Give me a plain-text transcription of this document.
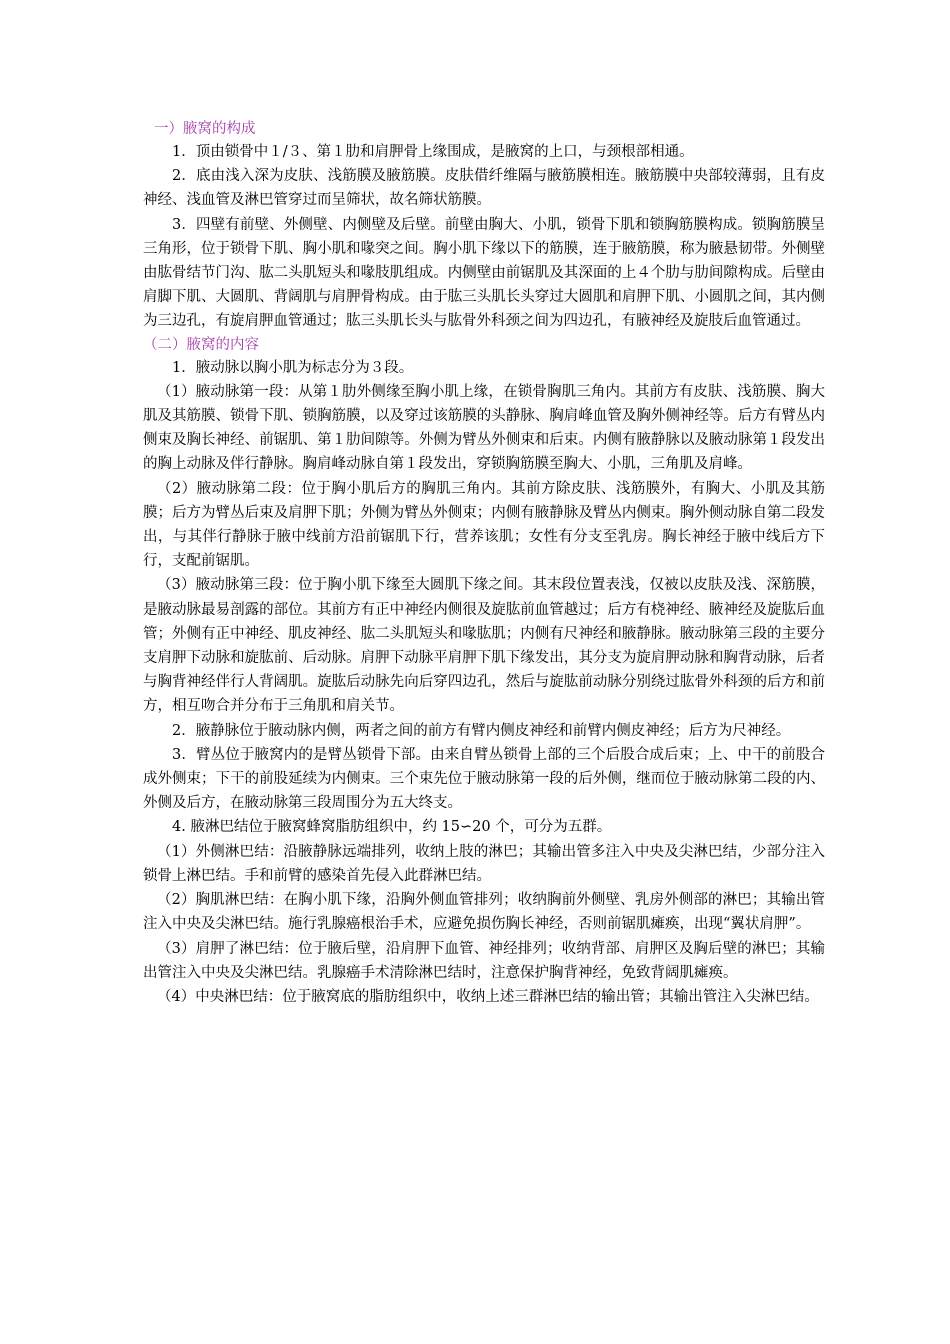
一）腋窝的构成

1．顶由锁骨中１/３、第１肋和肩胛骨上缘围成，是腋窝的上口，与颈根部相通。

2．底由浅入深为皮肤、浅筋膜及腋筋膜。皮肤借纤维隔与腋筋膜相连。腋筋膜中央部较薄弱，且有皮神经、浅血管及淋巴管穿过而呈筛状，故名筛状筋膜。

3．四壁有前壁、外侧壁、内侧壁及后壁。前壁由胸大、小肌，锁骨下肌和锁胸筋膜构成。锁胸筋膜呈三角形，位于锁骨下肌、胸小肌和喙突之间。胸小肌下缘以下的筋膜，连于腋筋膜，称为腋悬韧带。外侧壁由肱骨结节门沟、肱二头肌短头和喙肢肌组成。内侧壁由前锯肌及其深面的上４个肋与肋间隙构成。后壁由肩脚下肌、大圆肌、背阔肌与肩胛骨构成。由于肱三头肌长头穿过大圆肌和肩胛下肌、小圆肌之间，其内侧为三边孔，有旋肩胛血管通过；肱三头肌长头与肱骨外科颈之间为四边孔，有腋神经及旋肢后血管通过。

（二）腋窝的内容

1．腋动脉以胸小肌为标志分为３段。

（1）腋动脉第一段：从第１肋外侧缘至胸小肌上缘，在锁骨胸肌三角内。其前方有皮肤、浅筋膜、胸大肌及其筋膜、锁骨下肌、锁胸筋膜，以及穿过该筋膜的头静脉、胸肩峰血管及胸外侧神经等。后方有臂丛内侧束及胸长神经、前锯肌、第１肋间隙等。外侧为臂丛外侧束和后束。内侧有腋静脉以及腋动脉第１段发出的胸上动脉及伴行静脉。胸肩峰动脉自第１段发出，穿锁胸筋膜至胸大、小肌，三角肌及肩峰。

（2）腋动脉第二段：位于胸小肌后方的胸肌三角内。其前方除皮肤、浅筋膜外，有胸大、小肌及其筋膜；后方为臂丛后束及肩胛下肌；外侧为臂丛外侧束；内侧有腋静脉及臂丛内侧束。胸外侧动脉自第二段发出，与其伴行静脉于腋中线前方沿前锯肌下行，营养该肌；女性有分支至乳房。胸长神经于腋中线后方下行，支配前锯肌。

（3）腋动脉第三段：位于胸小肌下缘至大圆肌下缘之间。其末段位置表浅，仅被以皮肤及浅、深筋膜，是腋动脉最易剖露的部位。其前方有正中神经内侧很及旋肱前血管越过；后方有桡神经、腋神经及旋肱后血管；外侧有正中神经、肌皮神经、肱二头肌短头和喙肱肌；内侧有尺神经和腋静脉。腋动脉第三段的主要分支肩胛下动脉和旋肱前、后动脉。肩胛下动脉平肩胛下肌下缘发出，其分支为旋肩胛动脉和胸背动脉，后者与胸背神经伴行人背阔肌。旋肱后动脉先向后穿四边孔，然后与旋肱前动脉分别绕过肱骨外科颈的后方和前方，相互吻合并分布于三角肌和肩关节。

2．腋静脉位于腋动脉内侧，两者之间的前方有臂内侧皮神经和前臂内侧皮神经；后方为尺神经。

3．臂丛位于腋窝内的是臂丛锁骨下部。由来自臂丛锁骨上部的三个后股合成后束；上、中干的前股合成外侧束；下干的前股延续为内侧束。三个束先位于腋动脉第一段的后外侧，继而位于腋动脉第二段的内、外侧及后方，在腋动脉第三段周围分为五大终支。

4. 腋淋巴结位于腋窝蜂窝脂肪组织中，约 15∽20 个，可分为五群。

（1）外侧淋巴结：沿腋静脉远端排列，收纳上肢的淋巴；其输出管多注入中央及尖淋巴结，少部分注入锁骨上淋巴结。手和前臂的感染首先侵入此群淋巴结。

（2）胸肌淋巴结：在胸小肌下缘，沿胸外侧血管排列；收纳胸前外侧壁、乳房外侧部的淋巴；其输出管注入中央及尖淋巴结。施行乳腺癌根治手术，应避免损伤胸长神经，否则前锯肌瘫痪，出现“翼状肩胛”。

（3）肩胛了淋巴结：位于腋后壁，沿肩胛下血管、神经排列；收纳背部、肩胛区及胸后壁的淋巴；其输出管注入中央及尖淋巴结。乳腺癌手术清除淋巴结时，注意保护胸背神经，免致背阔肌瘫痪。

（4）中央淋巴结：位于腋窝底的脂肪组织中，收纳上述三群淋巴结的输出管；其输出管注入尖淋巴结。
